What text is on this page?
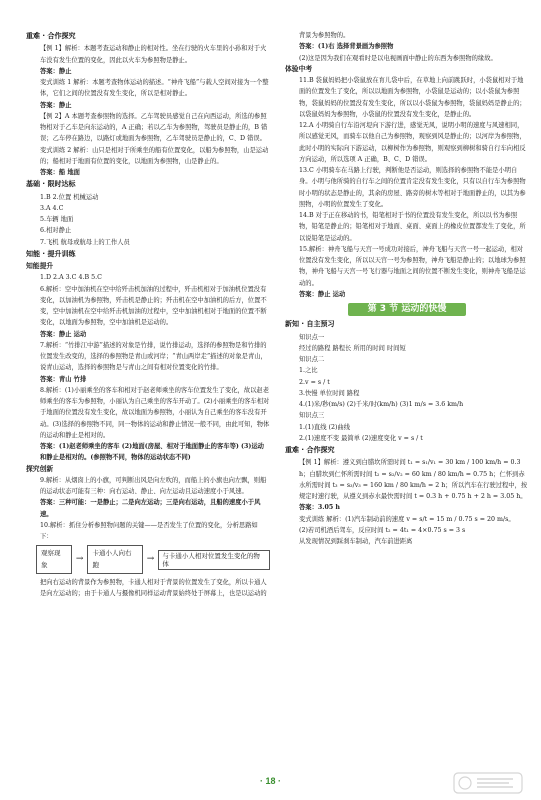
重难 · 合作探究

【例 1】解析：本题考查运动和静止的相对性。坐在行驶的火车里的小孙和对于火车没有发生位置的变化，因此以火车为参照物是静止。

答案：静止

变式训练 1 解析：本题考查物体运动的描述。“神舟飞船”与载人空间对接为一个整体，它们之间的位置没有发生变化，所以是相对静止。

答案：静止

【例 2】A 本题考查参照物的选择。乙车驾驶员感觉自己在向西运动，所选的参照物相对于乙车是向东运动的，A 正确；若以乙车为参照物，驾驶员是静止的，B 错误；乙车停在路边，以路灯或地面为参照物，乙车驾驶员是静止的，C、D 错误。

变式训练 2 解析：山只是相对于所乘坐的船有位置变化，以船为参照物，山是运动的；船相对于地面有位置的变化，以地面为参照物，山是静止的。

答案：船 地面

基础 · 限时达标

1.B 2.位置 机械运动

3.A 4.C

5.车辆 地面

6.相对静止

7.飞机 航母或航母上的工作人员

知能 · 提升训练

知能提升

1.D 2.A 3.C 4.B 5.C

6.解析：空中加油机在空中给歼击机加油的过程中，歼击机相对于加油机位置没有变化，以加油机为参照物，歼击机是静止的；歼击机在空中加油机的后方，位置不变，空中加油机在空中给歼击机加油的过程中，空中加油机相对于地面的位置不断变化，以地面为参照物，空中加油机是运动的。

答案：静止 运动

7.解析：“竹排江中游”描述的对象是竹排，说竹排运动，选择的参照物是和竹排的位置发生改变的，选择的参照物是青山或河岸；“青山两岸走”描述的对象是青山，说青山运动，选择的参照物是与青山之间有相对位置变化的竹排。

答案：青山 竹排

8.解析：(1)小丽乘坐的客车和相对于赵老师乘坐的客车位置发生了变化，故以赵老师乘坐的客车为参照物，小丽认为自己乘坐的客车开动了。(2)小丽乘坐的客车相对于地面的位置没有发生变化，故以地面为参照物，小丽认为自己乘坐的客车没有开动。(3)选择的参照物不同，同一物体的运动和静止情况一般不同，由此可知，物体的运动和静止是相对的。

答案：(1)赵老师乘坐的客车 (2)地面(房屋、相对于地面静止的客车等) (3)运动和静止是相对的。(参照物不同，物体的运动状态不同)

探究创新

9.解析：从烟囱上的小旗，可判断出风是向左吹的，而船上的小旗也向左飘，则船的运动状态可能有三种：向右运动、静止、向左运动且运动速度小于风速。

答案：三种可能：一是静止；二是向左运动；三是向右运动，且船的速度小于风速。

10.解析：抓住分析参照物问题的关键——是否发生了位置的变化，分析思路如下：

观察现象
→
卡通小人向右跑
→	与卡通小人相对位置发生变化的物体

把向右运动的背景作为参照物，卡通人相对于背景的位置发生了变化，所以卡通人是向左运动的；由于卡通人与摄像机同样运动背景始终处于屏幕上，也是以运动的

背景为参照物的。

答案：(1)右 选择背景画为参照物

(2)这是因为我们在观看时是以电视画面中静止的东西为参照物的缘故。

体验中考

11.B 袋鼠妈妈把小袋鼠放在育儿袋中后，在草地上向前跳跃时，小袋鼠相对于地面的位置发生了变化，所以以地面为参照物，小袋鼠是运动的；以小袋鼠为参照物，袋鼠妈妈的位置没有发生变化，所以以小袋鼠为参照物，袋鼠妈妈是静止的；以袋鼠妈妈为参照物，小袋鼠的位置没有发生变化，是静止的。

12.A 小明骑自行车沿河堤向下游行进，感觉无风，说明小明的速度与风速相同，所以感觉无风，而骑车以他自己为参照物，观察到风是静止的；以河岸为参照物，此时小明的实际向下游运动，以柳树作为参照物，则观察到柳树和骑自行车向相反方向运动，所以选项 A 正确，B、C、D 错误。

13.C 小明骑车在马路上行驶，判断他是否运动，则选择的参照物不能是小明自身。小明与他所骑的自行车之间的位置肯定没有发生变化，只有以自行车为参照物时小明的状态是静止的，其余的房屋、路旁的树木等相对于地面静止的，以其为参照物，小明的位置发生了变化。

14.B 对于正在移动的书，铅笔相对于书的位置没有发生变化，所以以书为参照物，铅笔是静止的；铅笔相对于地面、桌面、桌面上的橡皮位置都发生了变化，所以说铅笔是运动的。

15.解析：神舟飞船与天宫一号成功对接后，神舟飞船与天宫一号一起运动，相对位置没有发生变化，所以以天宫一号为参照物，神舟飞船是静止的；以地球为参照物，神舟飞船与天宫一号飞行器与地面之间的位置不断发生变化，则神舟飞船是运动的。

答案：静止 运动

第 3 节 运动的快慢

新知 · 自主预习

知识点一

经过的路程 路程长 所用的时间 时间短

知识点二

1.之比

2.v = s / t

3.快慢 单位时间 路程

4.(1)米/秒(m/s) (2)千米/时(km/h) (3)1 m/s = 3.6 km/h

知识点三

1.(1)直线 (2)曲线

2.(1)速度不变 最简单 (2)速度变化 v = s / t

重难 · 合作探究

【例 1】解析：遵义到白腊坎所需时间 t₁ = s₁/v₁ = 30 km / 100 km/h = 0.3 h；白腊坎到仁怀所需时间 t₂ = s₂/v₂ = 60 km / 80 km/h = 0.75 h；仁怀到赤水所需时间 t₃ = s₃/v₃ = 160 km / 80 km/h = 2 h；所以汽车在行驶过程中，按规定时速行驶，从遵义到赤水最快需时间 t = 0.3 h + 0.75 h + 2 h = 3.05 h。

答案：3.05 h

变式训练 解析：(1)汽车制动前的速度 v = s/t = 15 m / 0.75 s = 20 m/s。

(2)若司机酒后驾车，反应时间 t₂ = 4t₁ = 4×0.75 s = 3 s

从发现情况到踩刹车制动，汽车前进距离

· 18 ·
